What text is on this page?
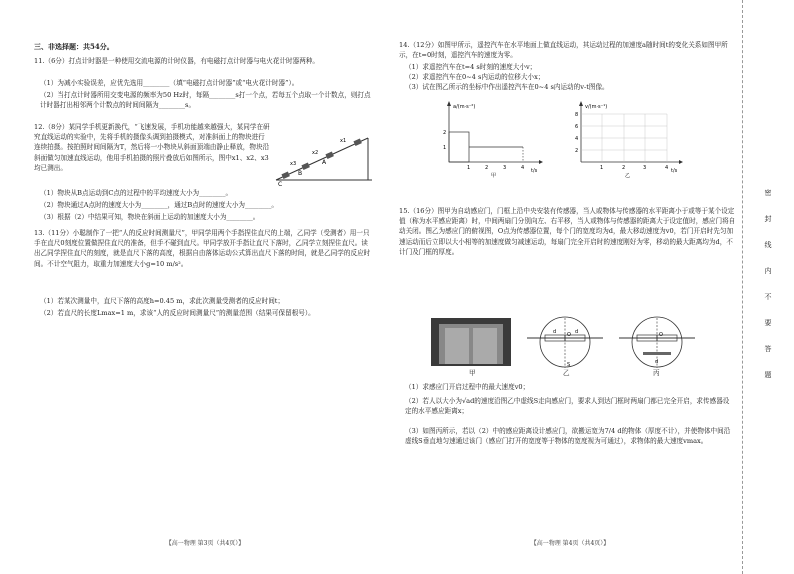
三、非选择题：共54分。
11.（6分）打点计时器是一种使用交流电源的计时仪器，有电磁打点计时器与电火花计时器两种。
（1）为减小实验误差，应优先选用________（填“电磁打点计时器”或“电火花计时器”）。
（2）当打点计时器所用交变电源的频率为50 Hz时，每隔________s打一个点，若每五个点取一个计数点，则打点计时器打出相邻两个计数点的时间间隔为________s。
12.（8分）某同学手机更新换代，“飞速发展，手机功能越来越强大，某同学在研究直线运动的实验中，先将手机的摄像头调到拍摄模式，对准斜面上的物块进行连续拍摄。按拍照时间间隔为T，然后将一小物块从斜面顶端由静止释放，物块沿斜面做匀加速直线运动，他用手机拍摄的照片叠放后如图所示，图中x1、x2、x3均已测出。
A
B
C
x1
x2
x3
（1）物块从B点运动到C点的过程中的平均速度大小为________。
（2）物块通过A点时的速度大小为________，通过B点时的速度大小为________。
（3）根据（2）中结果可知，物块在斜面上运动的加速度大小为________。
13.（11分）小聪制作了一把“人的反应时间测量尺”，甲同学用两个手指捏住直尺的上端，乙同学（受测者）用一只手在直尺0刻度位置做捏住直尺的准备，但手不碰到直尺。甲同学放开手指让直尺下落时，乙同学立刻捏住直尺。读出乙同学捏住直尺的刻度，就是直尺下落的高度，根据自由落体运动公式算出直尺下落的时间，就是乙同学的反应时间。不计空气阻力，取重力加速度大小g=10 m/s²。
（1）若某次测量中，直尺下落的高度h=0.45 m，求此次测量受测者的反应时间t；
（2）若直尺的长度Lmax=1 m，求该“人的反应时间测量尺”的测量范围（结果可保留根号）。
【高一物理 第3页（共4页）】
14.（12分）如图甲所示，遥控汽车在水平地面上做直线运动，其运动过程的加速度a随时间t的变化关系如图甲所示，在t=0时刻，遥控汽车的速度为零。
（1）求遥控汽车在t=4 s时刻的速度大小v；
（2）求遥控汽车在0~4 s内运动的位移大小x；
（3）试在图乙所示的坐标中作出遥控汽车在0~4 s内运动的v-t图像。
a/(m·s⁻²)
t/s
1
2
1	2	3	4
甲
v/(m·s⁻¹)
t/s
2
4
6
8
1	2	3	4
乙
15.（16分）图甲为自动感应门，门框上沿中央安装有传感器，当人或物体与传感器的水平距离小于或等于某个设定值（称为水平感应距离）时，中间两扇门分别向左、右平移，当人或物体与传感器的距离大于设定值时，感应门将自动关闭。图乙为感应门的俯视图，O点为传感器位置，每个门的宽度均为d，最大移动速度为v0，若门开启时先匀加速运动而后立即以大小相等的加速度做匀减速运动，每扇门完全开启时的速度刚好为零，移动的最大距离均为d，不计门及门框的厚度。
甲
O
d	d
S
乙
O
d
丙
（1）求感应门开启过程中的最大速度v0；
（2）若人以大小为√ad的速度沿图乙中虚线S走向感应门，要求人到达门框时两扇门都已完全开启，求传感器设定的水平感应距离x；
（3）如图丙所示，若以（2）中的感应距离设计感应门，欲搬运宽为7/4 d的物体（厚度不计），并使物体中间沿虚线S垂直地匀速通过该门（感应门打开的宽度等于物体的宽度视为可通过），求物体的最大速度vmax。
【高一物理 第4页（共4页）】
密
封
线
内
不
要
答
题
